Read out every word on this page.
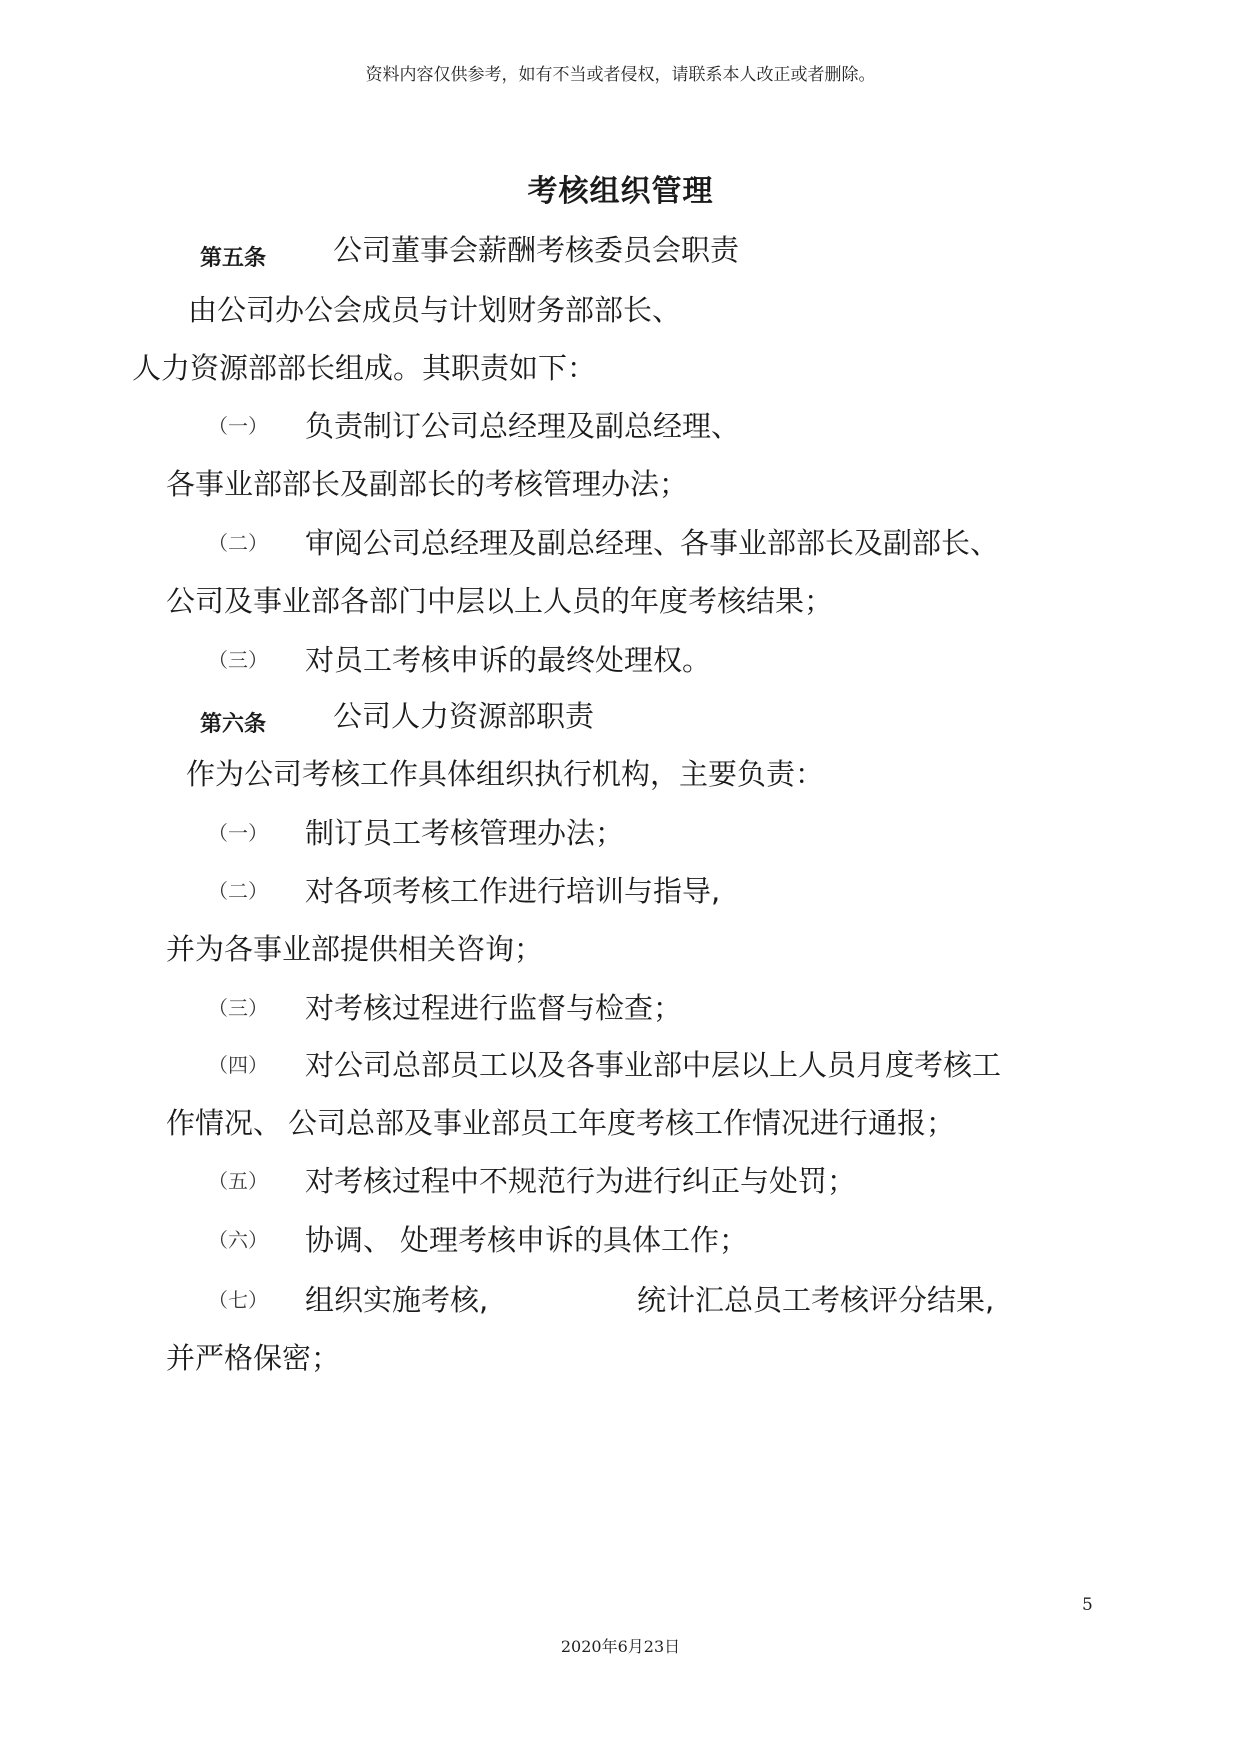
资料内容仅供参考，如有不当或者侵权，请联系本人改正或者删除。
考核组织管理
第五条 公司董事会薪酬考核委员会职责
由公司办公会成员与计划财务部部长、
人力资源部部长组成。其职责如下：
（一） 负责制订公司总经理及副总经理、
各事业部部长及副部长的考核管理办法；
（二） 审阅公司总经理及副总经理、
各事业部部长及副部长、
公司及事业部各部门中层以上人员的年度考核结果；
（三） 对员工考核申诉的最终处理权。
第六条 公司人力资源部职责
作为公司考核工作具体组织执行机构，主要负责：
（一） 制订员工考核管理办法；
（二） 对各项考核工作进行培训与指导,
并为各事业部提供相关咨询；
（三） 对考核过程进行监督与检查；
（四） 对公司总部员工以及各事业部中层以上人员月度考核工
作情况、 公司总部及事业部员工年度考核工作情况进行通报；
（五） 对考核过程中不规范行为进行纠正与处罚；
（六） 协调、 处理考核申诉的具体工作；
（七） 组织实施考核,	统计汇总员工考核评分结果,
并严格保密；
5
2020年6月23日
